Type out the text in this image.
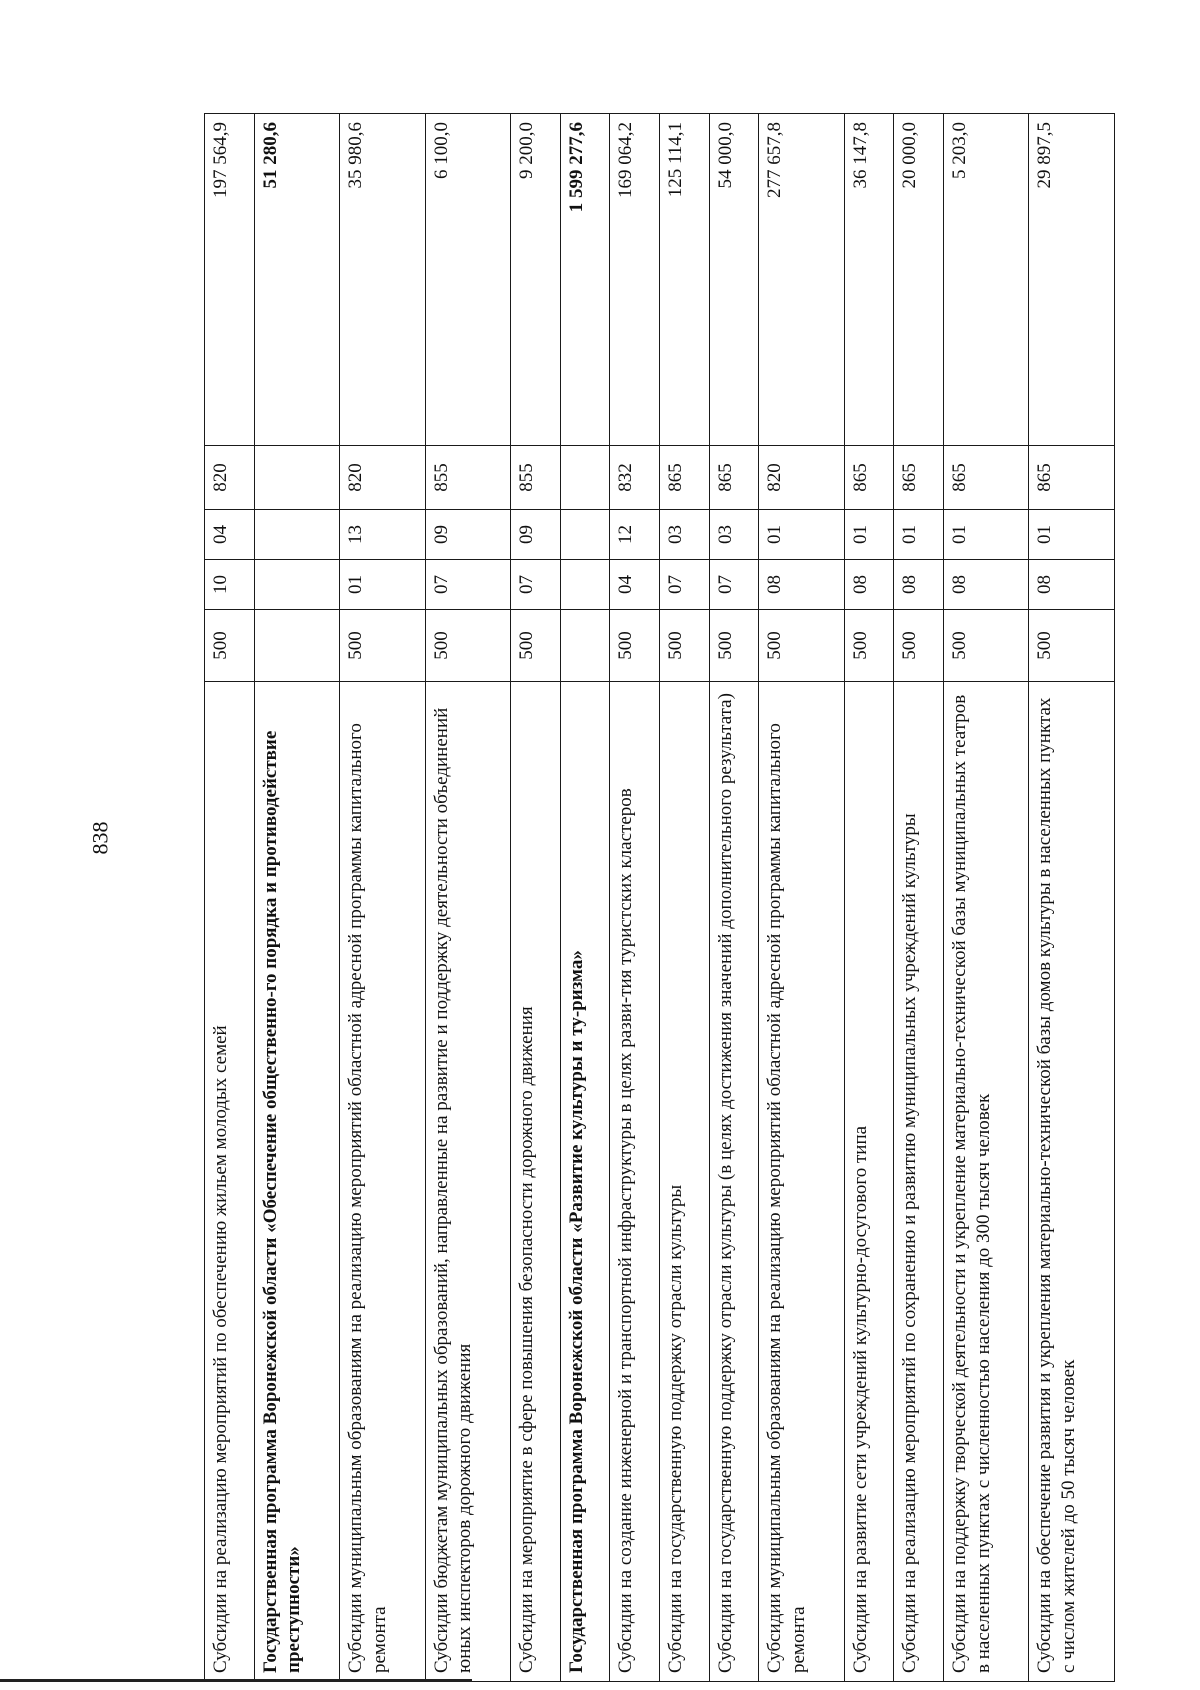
838
Субсидии на реализацию мероприятий по обеспечению жильем молодых семей	500	10	04	820	197 564,9
Государственная программа Воронежской области «Обеспечение общественно-го порядка и противодействие преступности»					51 280,6
Субсидии муниципальным образованиям на реализацию мероприятий областной адресной программы капитального ремонта	500	01	13	820	35 980,6
Субсидии бюджетам муниципальных образований, направленные на развитие и поддержку деятельности объединений юных инспекторов дорожного движения	500	07	09	855	6 100,0
Субсидии на мероприятие в сфере повышения безопасности дорожного движения	500	07	09	855	9 200,0
Государственная программа Воронежской области «Развитие культуры и ту-ризма»					1 599 277,6
Субсидии на создание инженерной и транспортной инфраструктуры в целях разви-тия туристских кластеров	500	04	12	832	169 064,2
Субсидии на государственную поддержку отрасли культуры	500	07	03	865	125 114,1
Субсидии на государственную поддержку отрасли культуры (в целях достижения значений дополнительного результата)	500	07	03	865	54 000,0
Субсидии муниципальным образованиям на реализацию мероприятий областной адресной программы капитального ремонта	500	08	01	820	277 657,8
Субсидии на развитие сети учреждений культурно-досугового типа	500	08	01	865	36 147,8
Субсидии на реализацию мероприятий по сохранению и развитию муниципальных учреждений культуры	500	08	01	865	20 000,0
Субсидии на поддержку творческой деятельности и укрепление материально-технической базы муниципальных театров в населенных пунктах с численностью населения до 300 тысяч человек	500	08	01	865	5 203,0
Субсидии на обеспечение развития и укрепления материально-технической базы домов культуры в населенных пунктах с числом жителей до 50 тысяч человек	500	08	01	865	29 897,5
